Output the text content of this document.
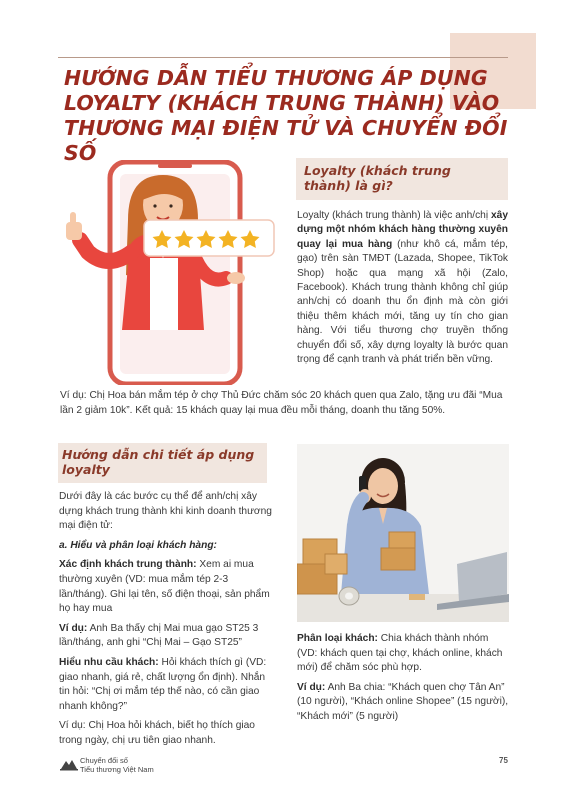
HƯỚNG DẪN TIỂU THƯƠNG ÁP DỤNG LOYALTY (KHÁCH TRUNG THÀNH) VÀO THƯƠNG MẠI ĐIỆN TỬ VÀ CHUYỂN ĐỔI SỐ
Loyalty (khách trung thành) là gì?
Loyalty (khách trung thành) là việc anh/chị xây dựng một nhóm khách hàng thường xuyên quay lại mua hàng (như khô cá, mắm tép, gạo) trên sàn TMĐT (Lazada, Shopee, TikTok Shop) hoặc qua mạng xã hội (Zalo, Facebook). Khách trung thành không chỉ giúp anh/chị có doanh thu ổn định mà còn giới thiệu thêm khách mới, tăng uy tín cho gian hàng. Với tiểu thương chợ truyền thống chuyển đổi số, xây dựng loyalty là bước quan trọng để cạnh tranh và phát triển bền vững.
Ví dụ: Chị Hoa bán mắm tép ở chợ Thủ Đức chăm sóc 20 khách quen qua Zalo, tặng ưu đãi “Mua lần 2 giảm 10k”. Kết quả: 15 khách quay lại mua đều mỗi tháng, doanh thu tăng 50%.
Hướng dẫn chi tiết áp dụng loyalty
Dưới đây là các bước cụ thể để anh/chị xây dựng khách trung thành khi kinh doanh thương mại điện tử:
a. Hiểu và phân loại khách hàng:
Xác định khách trung thành: Xem ai mua thường xuyên (VD: mua mắm tép 2-3 lần/tháng). Ghi lại tên, số điện thoại, sản phẩm họ hay mua
Ví dụ: Anh Ba thấy chị Mai mua gạo ST25 3 lần/tháng, anh ghi “Chị Mai – Gạo ST25”
Hiểu nhu cầu khách: Hỏi khách thích gì (VD: giao nhanh, giá rẻ, chất lượng ổn định). Nhắn tin hỏi: “Chị ơi mắm tép thế nào, có cần giao nhanh không?”
Ví dụ: Chị Hoa hỏi khách, biết họ thích giao trong ngày, chị ưu tiên giao nhanh.
Phân loại khách: Chia khách thành nhóm (VD: khách quen tại chợ, khách online, khách mới) để chăm sóc phù hợp.
Ví dụ: Anh Ba chia: “Khách quen chợ Tân An” (10 người), “Khách online Shopee” (15 người), “Khách mới” (5 người)
Chuyển đổi số
Tiểu thương Việt Nam
75
